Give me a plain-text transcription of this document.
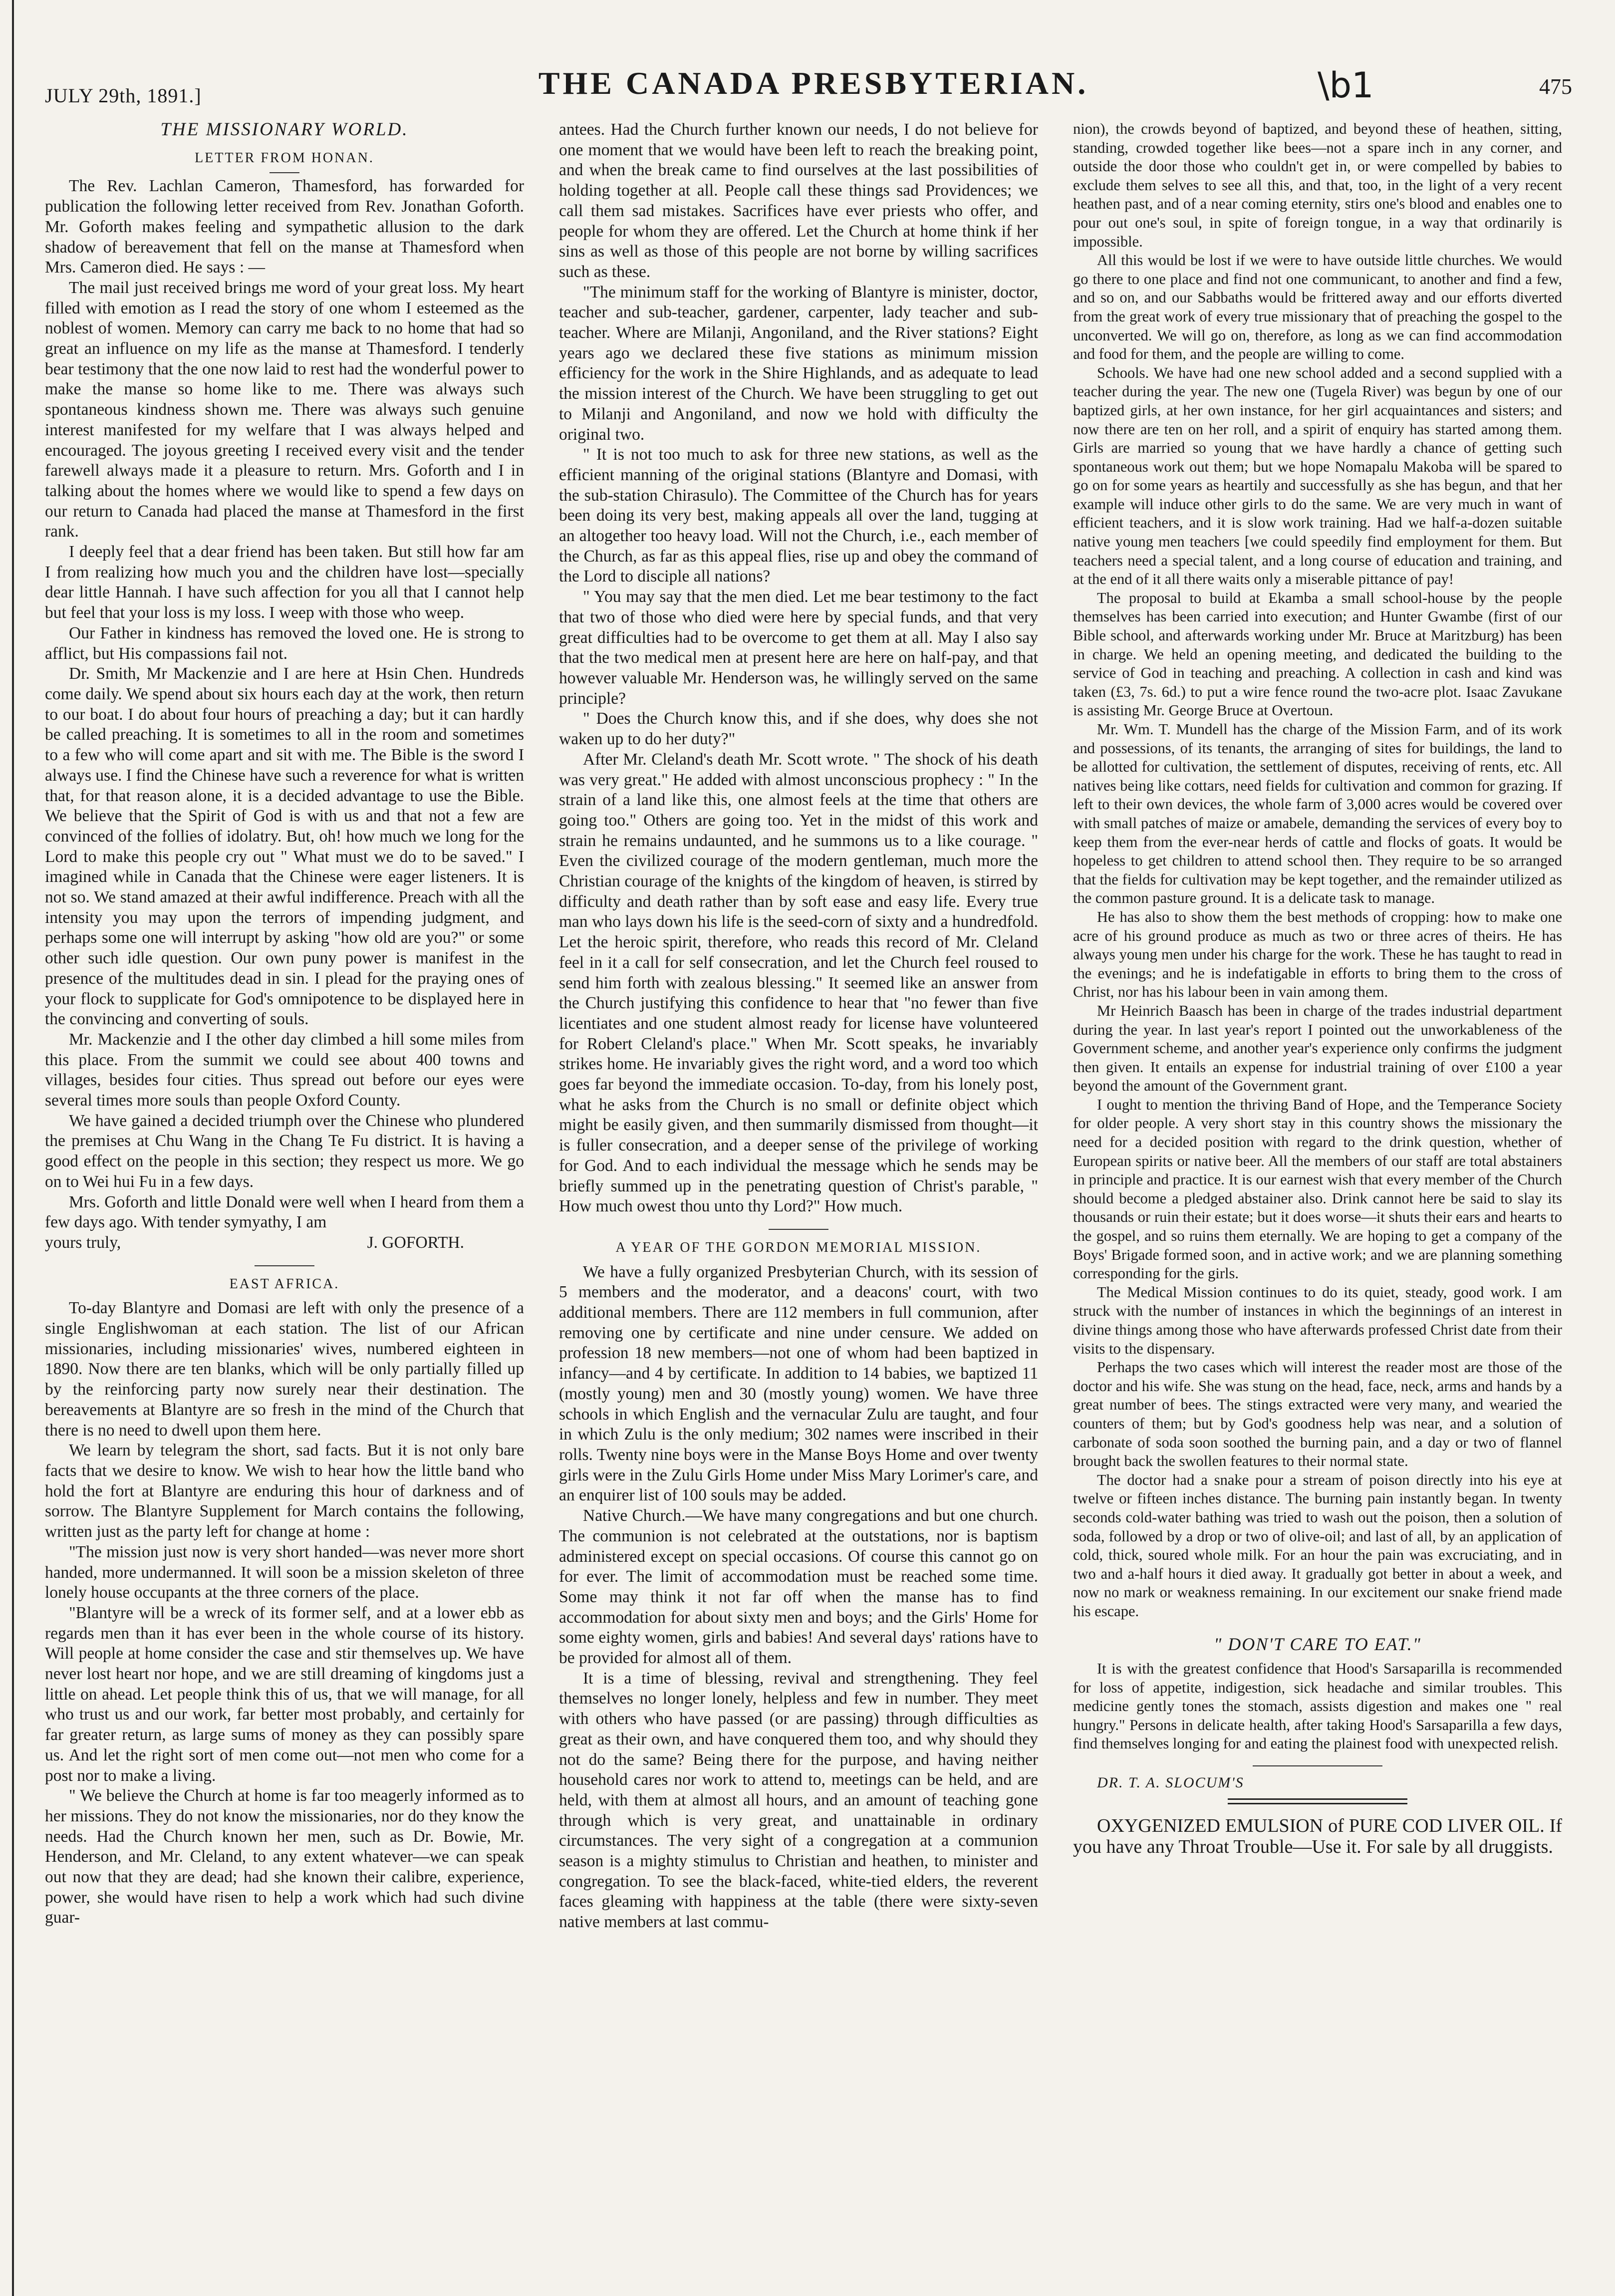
JULY 29th, 1891.]	THE CANADA PRESBYTERIAN.	\b1	475
THE MISSIONARY WORLD.
LETTER FROM HONAN.

The Rev. Lachlan Cameron, Thamesford, has forwarded for publication the following letter received from Rev. Jonathan Goforth. Mr. Goforth makes feeling and sympathetic allusion to the dark shadow of bereavement that fell on the manse at Thamesford when Mrs. Cameron died. He says : —

The mail just received brings me word of your great loss. My heart filled with emotion as I read the story of one whom I esteemed as the noblest of women. Memory can carry me back to no home that had so great an influence on my life as the manse at Thamesford. I tenderly bear testimony that the one now laid to rest had the wonderful power to make the manse so home like to me. There was always such spontaneous kindness shown me. There was always such genuine interest manifested for my welfare that I was always helped and encouraged. The joyous greeting I received every visit and the tender farewell always made it a pleasure to return. Mrs. Goforth and I in talking about the homes where we would like to spend a few days on our return to Canada had placed the manse at Thamesford in the first rank.

I deeply feel that a dear friend has been taken. But still how far am I from realizing how much you and the children have lost—specially dear little Hannah. I have such affection for you all that I cannot help but feel that your loss is my loss. I weep with those who weep.

Our Father in kindness has removed the loved one. He is strong to afflict, but His compassions fail not.

Dr. Smith, Mr Mackenzie and I are here at Hsin Chen. Hundreds come daily. We spend about six hours each day at the work, then return to our boat. I do about four hours of preaching a day; but it can hardly be called preaching. It is sometimes to all in the room and sometimes to a few who will come apart and sit with me. The Bible is the sword I always use. I find the Chinese have such a reverence for what is written that, for that reason alone, it is a decided advantage to use the Bible. We believe that the Spirit of God is with us and that not a few are convinced of the follies of idolatry. But, oh! how much we long for the Lord to make this people cry out " What must we do to be saved." I imagined while in Canada that the Chinese were eager listeners. It is not so. We stand amazed at their awful indifference. Preach with all the intensity you may upon the terrors of impending judgment, and perhaps some one will interrupt by asking "how old are you?" or some other such idle question. Our own puny power is manifest in the presence of the multitudes dead in sin. I plead for the praying ones of your flock to supplicate for God's omnipotence to be displayed here in the convincing and converting of souls.

Mr. Mackenzie and I the other day climbed a hill some miles from this place. From the summit we could see about 400 towns and villages, besides four cities. Thus spread out before our eyes were several times more souls than people Oxford County.

We have gained a decided triumph over the Chinese who plundered the premises at Chu Wang in the Chang Te Fu district. It is having a good effect on the people in this section; they respect us more. We go on to Wei hui Fu in a few days.

Mrs. Goforth and little Donald were well when I heard from them a few days ago. With tender symyathy, I am

yours truly,	J. GOFORTH.
EAST AFRICA.

To-day Blantyre and Domasi are left with only the presence of a single Englishwoman at each station. The list of our African missionaries, including missionaries' wives, numbered eighteen in 1890. Now there are ten blanks, which will be only partially filled up by the reinforcing party now surely near their destination. The bereavements at Blantyre are so fresh in the mind of the Church that there is no need to dwell upon them here.

We learn by telegram the short, sad facts. But it is not only bare facts that we desire to know. We wish to hear how the little band who hold the fort at Blantyre are enduring this hour of darkness and of sorrow. The Blantyre Supplement for March contains the following, written just as the party left for change at home :

"The mission just now is very short handed—was never more short handed, more undermanned. It will soon be a mission skeleton of three lonely house occupants at the three corners of the place.

"Blantyre will be a wreck of its former self, and at a lower ebb as regards men than it has ever been in the whole course of its history. Will people at home consider the case and stir themselves up. We have never lost heart nor hope, and we are still dreaming of kingdoms just a little on ahead. Let people think this of us, that we will manage, for all who trust us and our work, far better most probably, and certainly for far greater return, as large sums of money as they can possibly spare us. And let the right sort of men come out—not men who come for a post nor to make a living.

" We believe the Church at home is far too meagerly informed as to her missions. They do not know the missionaries, nor do they know the needs. Had the Church known her men, such as Dr. Bowie, Mr. Henderson, and Mr. Cleland, to any extent whatever—we can speak out now that they are dead; had she known their calibre, experience, power, she would have risen to help a work which had such divine guar-

antees. Had the Church further known our needs, I do not believe for one moment that we would have been left to reach the breaking point, and when the break came to find ourselves at the last possibilities of holding together at all. People call these things sad Providences; we call them sad mistakes. Sacrifices have ever priests who offer, and people for whom they are offered. Let the Church at home think if her sins as well as those of this people are not borne by willing sacrifices such as these.

"The minimum staff for the working of Blantyre is minister, doctor, teacher and sub-teacher, gardener, carpenter, lady teacher and sub-teacher. Where are Milanji, Angoniland, and the River stations? Eight years ago we declared these five stations as minimum mission efficiency for the work in the Shire Highlands, and as adequate to lead the mission interest of the Church. We have been struggling to get out to Milanji and Angoniland, and now we hold with difficulty the original two.

" It is not too much to ask for three new stations, as well as the efficient manning of the original stations (Blantyre and Domasi, with the sub-station Chirasulo). The Committee of the Church has for years been doing its very best, making appeals all over the land, tugging at an altogether too heavy load. Will not the Church, i.e., each member of the Church, as far as this appeal flies, rise up and obey the command of the Lord to disciple all nations?

" You may say that the men died. Let me bear testimony to the fact that two of those who died were here by special funds, and that very great difficulties had to be overcome to get them at all. May I also say that the two medical men at present here are here on half-pay, and that however valuable Mr. Henderson was, he willingly served on the same principle?

" Does the Church know this, and if she does, why does she not waken up to do her duty?"

After Mr. Cleland's death Mr. Scott wrote. " The shock of his death was very great." He added with almost unconscious prophecy : " In the strain of a land like this, one almost feels at the time that others are going too." Others are going too. Yet in the midst of this work and strain he remains undaunted, and he summons us to a like courage. " Even the civilized courage of the modern gentleman, much more the Christian courage of the knights of the kingdom of heaven, is stirred by difficulty and death rather than by soft ease and easy life. Every true man who lays down his life is the seed-corn of sixty and a hundredfold. Let the heroic spirit, therefore, who reads this record of Mr. Cleland feel in it a call for self consecration, and let the Church feel roused to send him forth with zealous blessing." It seemed like an answer from the Church justifying this confidence to hear that "no fewer than five licentiates and one student almost ready for license have volunteered for Robert Cleland's place." When Mr. Scott speaks, he invariably strikes home. He invariably gives the right word, and a word too which goes far beyond the immediate occasion. To-day, from his lonely post, what he asks from the Church is no small or definite object which might be easily given, and then summarily dismissed from thought—it is fuller consecration, and a deeper sense of the privilege of working for God. And to each individual the message which he sends may be briefly summed up in the penetrating question of Christ's parable, " How much owest thou unto thy Lord?" How much.

A YEAR OF THE GORDON MEMORIAL MISSION.

We have a fully organized Presbyterian Church, with its session of 5 members and the moderator, and a deacons' court, with two additional members. There are 112 members in full communion, after removing one by certificate and nine under censure. We added on profession 18 new members—not one of whom had been baptized in infancy—and 4 by certificate. In addition to 14 babies, we baptized 11 (mostly young) men and 30 (mostly young) women. We have three schools in which English and the vernacular Zulu are taught, and four in which Zulu is the only medium; 302 names were inscribed in their rolls. Twenty nine boys were in the Manse Boys Home and over twenty girls were in the Zulu Girls Home under Miss Mary Lorimer's care, and an enquirer list of 100 souls may be added.

Native Church.—We have many congregations and but one church. The communion is not celebrated at the outstations, nor is baptism administered except on special occasions. Of course this cannot go on for ever. The limit of accommodation must be reached some time. Some may think it not far off when the manse has to find accommodation for about sixty men and boys; and the Girls' Home for some eighty women, girls and babies! And several days' rations have to be provided for almost all of them.

It is a time of blessing, revival and strengthening. They feel themselves no longer lonely, helpless and few in number. They meet with others who have passed (or are passing) through difficulties as great as their own, and have conquered them too, and why should they not do the same? Being there for the purpose, and having neither household cares nor work to attend to, meetings can be held, and are held, with them at almost all hours, and an amount of teaching gone through which is very great, and unattainable in ordinary circumstances. The very sight of a congregation at a communion season is a mighty stimulus to Christian and heathen, to minister and congregation. To see the black-faced, white-tied elders, the reverent faces gleaming with happiness at the table (there were sixty-seven native members at last commu-

nion), the crowds beyond of baptized, and beyond these of heathen, sitting, standing, crowded together like bees—not a spare inch in any corner, and outside the door those who couldn't get in, or were compelled by babies to exclude them selves to see all this, and that, too, in the light of a very recent heathen past, and of a near coming eternity, stirs one's blood and enables one to pour out one's soul, in spite of foreign tongue, in a way that ordinarily is impossible.

All this would be lost if we were to have outside little churches. We would go there to one place and find not one communicant, to another and find a few, and so on, and our Sabbaths would be frittered away and our efforts diverted from the great work of every true missionary that of preaching the gospel to the unconverted. We will go on, therefore, as long as we can find accommodation and food for them, and the people are willing to come.

Schools. We have had one new school added and a second supplied with a teacher during the year. The new one (Tugela River) was begun by one of our baptized girls, at her own instance, for her girl acquaintances and sisters; and now there are ten on her roll, and a spirit of enquiry has started among them. Girls are married so young that we have hardly a chance of getting such spontaneous work out them; but we hope Nomapalu Makoba will be spared to go on for some years as heartily and successfully as she has begun, and that her example will induce other girls to do the same. We are very much in want of efficient teachers, and it is slow work training. Had we half-a-dozen suitable native young men teachers [we could speedily find employment for them. But teachers need a special talent, and a long course of education and training, and at the end of it all there waits only a miserable pittance of pay!

The proposal to build at Ekamba a small school-house by the people themselves has been carried into execution; and Hunter Gwambe (first of our Bible school, and afterwards working under Mr. Bruce at Maritzburg) has been in charge. We held an opening meeting, and dedicated the building to the service of God in teaching and preaching. A collection in cash and kind was taken (£3, 7s. 6d.) to put a wire fence round the two-acre plot. Isaac Zavukane is assisting Mr. George Bruce at Overtoun.

Mr. Wm. T. Mundell has the charge of the Mission Farm, and of its work and possessions, of its tenants, the arranging of sites for buildings, the land to be allotted for cultivation, the settlement of disputes, receiving of rents, etc. All natives being like cottars, need fields for cultivation and common for grazing. If left to their own devices, the whole farm of 3,000 acres would be covered over with small patches of maize or amabele, demanding the services of every boy to keep them from the ever-near herds of cattle and flocks of goats. It would be hopeless to get children to attend school then. They require to be so arranged that the fields for cultivation may be kept together, and the remainder utilized as the common pasture ground. It is a delicate task to manage.

He has also to show them the best methods of cropping: how to make one acre of his ground produce as much as two or three acres of theirs. He has always young men under his charge for the work. These he has taught to read in the evenings; and he is indefatigable in efforts to bring them to the cross of Christ, nor has his labour been in vain among them.

Mr Heinrich Baasch has been in charge of the trades industrial department during the year. In last year's report I pointed out the unworkableness of the Government scheme, and another year's experience only confirms the judgment then given. It entails an expense for industrial training of over £100 a year beyond the amount of the Government grant.

I ought to mention the thriving Band of Hope, and the Temperance Society for older people. A very short stay in this country shows the missionary the need for a decided position with regard to the drink question, whether of European spirits or native beer. All the members of our staff are total abstainers in principle and practice. It is our earnest wish that every member of the Church should become a pledged abstainer also. Drink cannot here be said to slay its thousands or ruin their estate; but it does worse—it shuts their ears and hearts to the gospel, and so ruins them eternally. We are hoping to get a company of the Boys' Brigade formed soon, and in active work; and we are planning something corresponding for the girls.

The Medical Mission continues to do its quiet, steady, good work. I am struck with the number of instances in which the beginnings of an interest in divine things among those who have afterwards professed Christ date from their visits to the dispensary.

Perhaps the two cases which will interest the reader most are those of the doctor and his wife. She was stung on the head, face, neck, arms and hands by a great number of bees. The stings extracted were very many, and wearied the counters of them; but by God's goodness help was near, and a solution of carbonate of soda soon soothed the burning pain, and a day or two of flannel brought back the swollen features to their normal state.

The doctor had a snake pour a stream of poison directly into his eye at twelve or fifteen inches distance. The burning pain instantly began. In twenty seconds cold-water bathing was tried to wash out the poison, then a solution of soda, followed by a drop or two of olive-oil; and last of all, by an application of cold, thick, soured whole milk. For an hour the pain was excruciating, and in two and a-half hours it died away. It gradually got better in about a week, and now no mark or weakness remaining. In our excitement our snake friend made his escape.

" DON'T CARE TO EAT."

It is with the greatest confidence that Hood's Sarsaparilla is recommended for loss of appetite, indigestion, sick headache and similar troubles. This medicine gently tones the stomach, assists digestion and makes one " real hungry." Persons in delicate health, after taking Hood's Sarsaparilla a few days, find themselves longing for and eating the plainest food with unexpected relish.

DR. T. A. SLOCUM'S

OXYGENIZED EMULSION of PURE COD LIVER OIL. If you have any Throat Trouble—Use it. For sale by all druggists.
